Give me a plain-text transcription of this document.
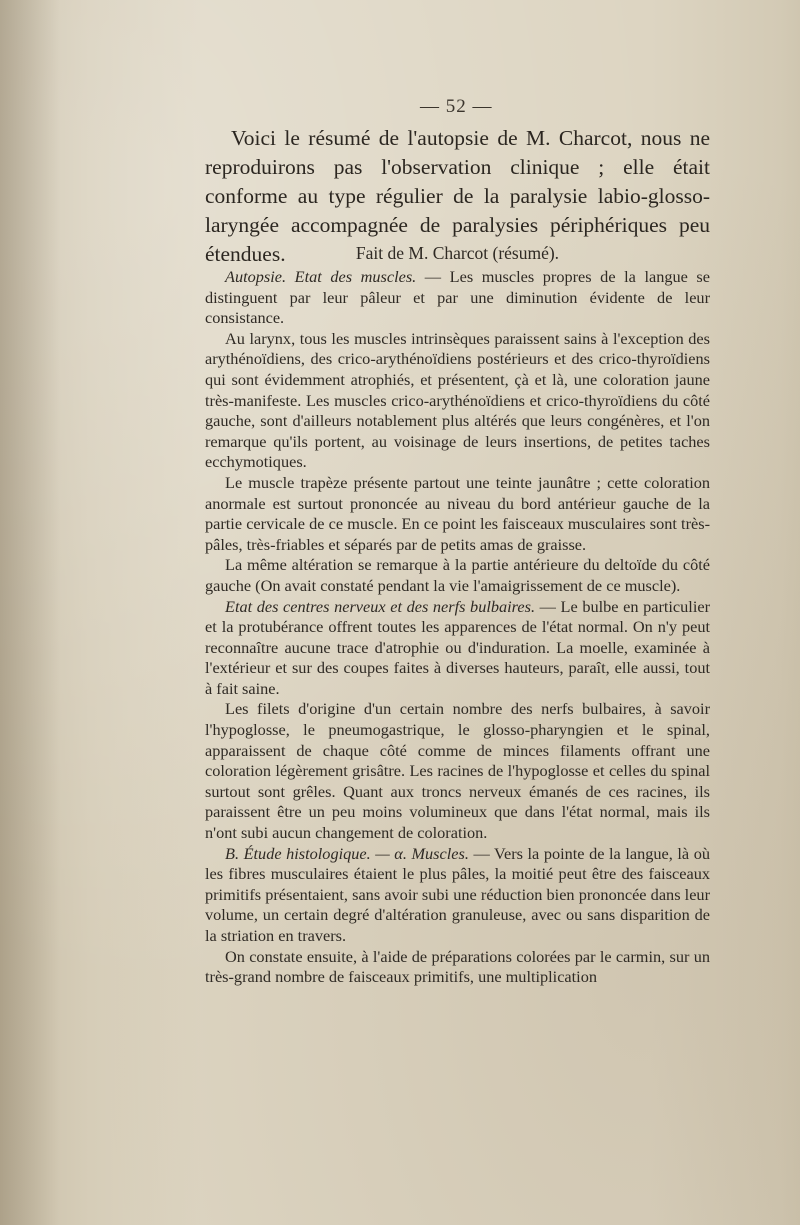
— 52 —

Voici le résumé de l'autopsie de M. Charcot, nous ne reproduirons pas l'observation clinique ; elle était conforme au type régulier de la paralysie labio-glosso-laryngée accompagnée de paralysies périphériques peu étendues.	Fait de M. Charcot (résumé).

Autopsie. Etat des muscles. — Les muscles propres de la langue se distinguent par leur pâleur et par une diminution évidente de leur consistance.

Au larynx, tous les muscles intrinsèques paraissent sains à l'exception des arythénoïdiens, des crico-arythénoïdiens postérieurs et des crico-thyroïdiens qui sont évidemment atrophiés, et présentent, çà et là, une coloration jaune très-manifeste. Les muscles crico-arythénoïdiens et crico-thyroïdiens du côté gauche, sont d'ailleurs notablement plus altérés que leurs congénères, et l'on remarque qu'ils portent, au voisinage de leurs insertions, de petites taches ecchymotiques.

Le muscle trapèze présente partout une teinte jaunâtre ; cette coloration anormale est surtout prononcée au niveau du bord antérieur gauche de la partie cervicale de ce muscle. En ce point les faisceaux musculaires sont très-pâles, très-friables et séparés par de petits amas de graisse.

La même altération se remarque à la partie antérieure du deltoïde du côté gauche (On avait constaté pendant la vie l'amaigrissement de ce muscle).

Etat des centres nerveux et des nerfs bulbaires. — Le bulbe en particulier et la protubérance offrent toutes les apparences de l'état normal. On n'y peut reconnaître aucune trace d'atrophie ou d'induration. La moelle, examinée à l'extérieur et sur des coupes faites à diverses hauteurs, paraît, elle aussi, tout à fait saine.

Les filets d'origine d'un certain nombre des nerfs bulbaires, à savoir l'hypoglosse, le pneumogastrique, le glosso-pharyngien et le spinal, apparaissent de chaque côté comme de minces filaments offrant une coloration légèrement grisâtre. Les racines de l'hypoglosse et celles du spinal surtout sont grêles. Quant aux troncs nerveux émanés de ces racines, ils paraissent être un peu moins volumineux que dans l'état normal, mais ils n'ont subi aucun changement de coloration.

B. Étude histologique. — α. Muscles. — Vers la pointe de la langue, là où les fibres musculaires étaient le plus pâles, la moitié peut être des faisceaux primitifs présentaient, sans avoir subi une réduction bien prononcée dans leur volume, un certain degré d'altération granuleuse, avec ou sans disparition de la striation en travers.

On constate ensuite, à l'aide de préparations colorées par le carmin, sur un très-grand nombre de faisceaux primitifs, une multiplication
